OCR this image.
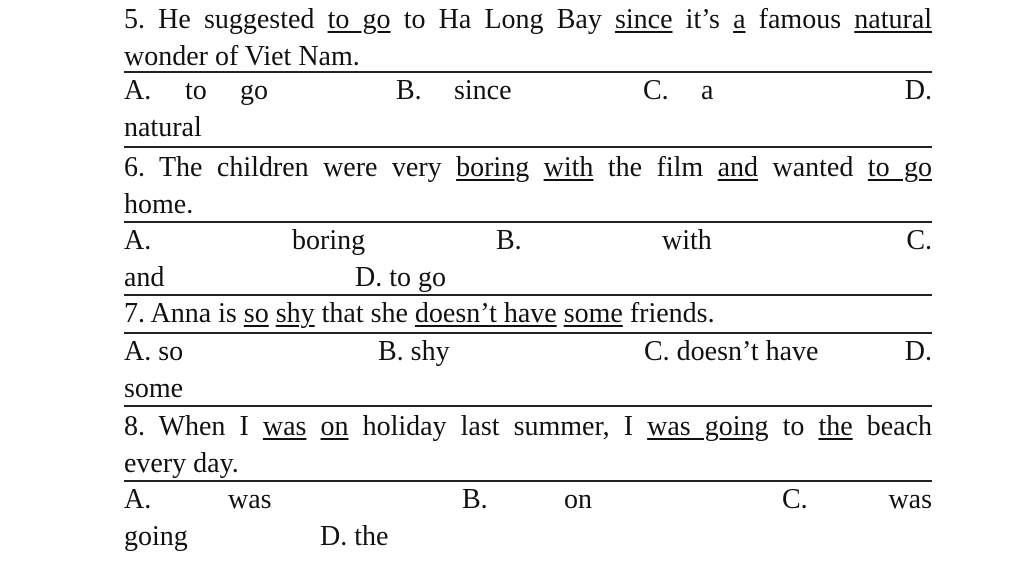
5. He suggested to go to Ha Long Bay since it’s a famous natural
wonder of Viet Nam.
A. to go	B. since	C. a	D.
natural
6. The children were very boring with the film and wanted to go
home.
A.	boring	B.	with	C.
and	D. to go
7. Anna is so shy that she doesn’t have some friends.
A. so	B. shy	C. doesn’t have	D.
some
8. When I was on holiday last summer, I was going to the beach
every day.
A.	was	B.	on	C.	was
going	D. the
